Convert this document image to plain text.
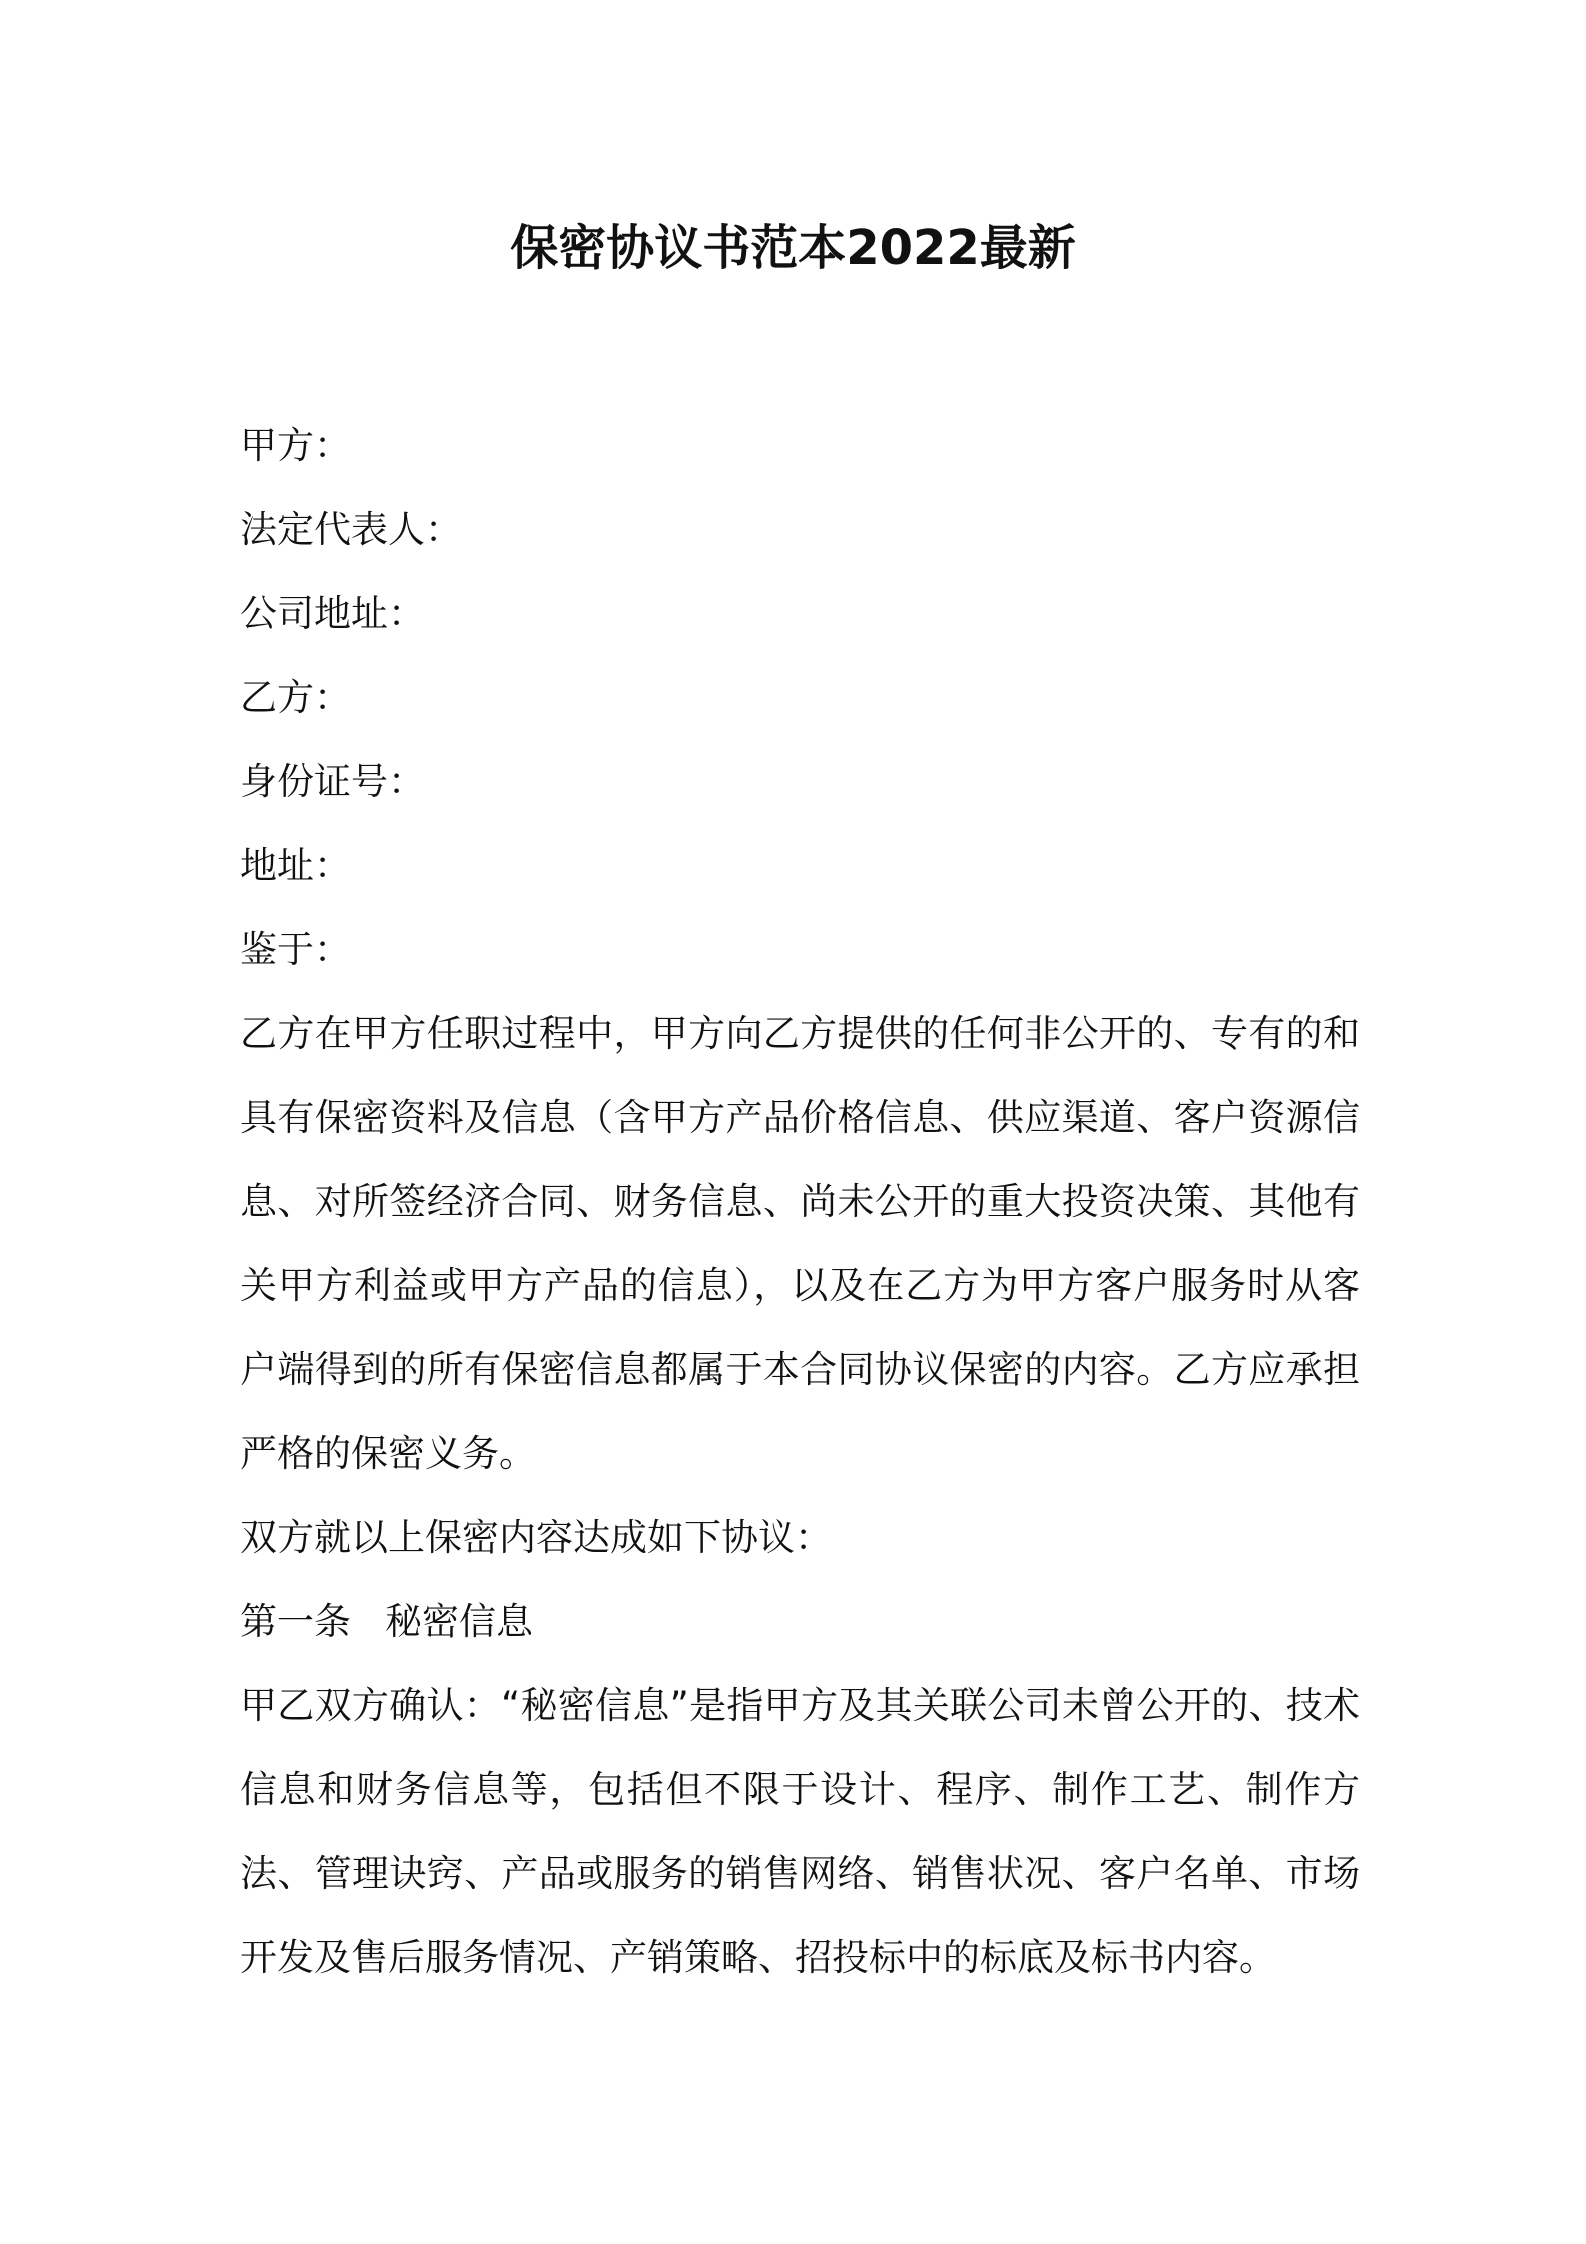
保密协议书范本2022最新
甲方：
法定代表人：
公司地址：
乙方：
身份证号：
地址：
鉴于：

乙方在甲方任职过程中，甲方向乙方提供的任何非公开的、专有的和具有保密资料及信息（含甲方产品价格信息、供应渠道、客户资源信息、对所签经济合同、财务信息、尚未公开的重大投资决策、其他有关甲方利益或甲方产品的信息），以及在乙方为甲方客户服务时从客户端得到的所有保密信息都属于本合同协议保密的内容。乙方应承担严格的保密义务。

双方就以上保密内容达成如下协议：

第一条 秘密信息

甲乙双方确认：“秘密信息”是指甲方及其关联公司未曾公开的、技术信息和财务信息等，包括但不限于设计、程序、制作工艺、制作方法、管理诀窍、产品或服务的销售网络、销售状况、客户名单、市场开发及售后服务情况、产销策略、招投标中的标底及标书内容。
